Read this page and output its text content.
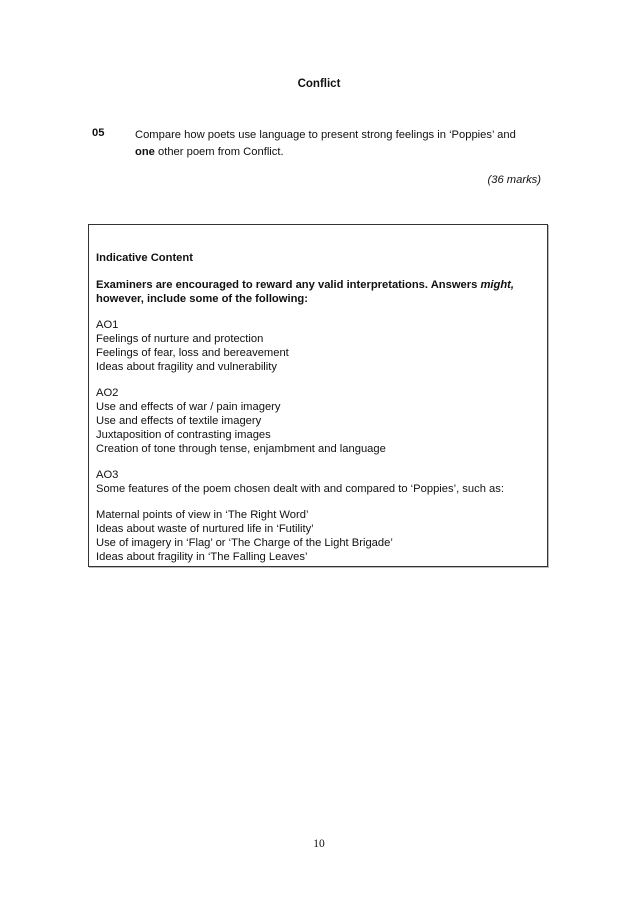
Conflict
05	Compare how poets use language to present strong feelings in ‘Poppies’ and
one other poem from Conflict.
(36 marks)
Indicative Content
Examiners are encouraged to reward any valid interpretations. Answers might,
however, include some of the following:
AO1
Feelings of nurture and protection
Feelings of fear, loss and bereavement
Ideas about fragility and vulnerability
AO2
Use and effects of war / pain imagery
Use and effects of textile imagery
Juxtaposition of contrasting images
Creation of tone through tense, enjambment and language
AO3
Some features of the poem chosen dealt with and compared to ‘Poppies’, such as:
Maternal points of view in ‘The Right Word’
Ideas about waste of nurtured life in ‘Futility’
Use of imagery in ‘Flag’ or ‘The Charge of the Light Brigade’
Ideas about fragility in ‘The Falling Leaves’
10
